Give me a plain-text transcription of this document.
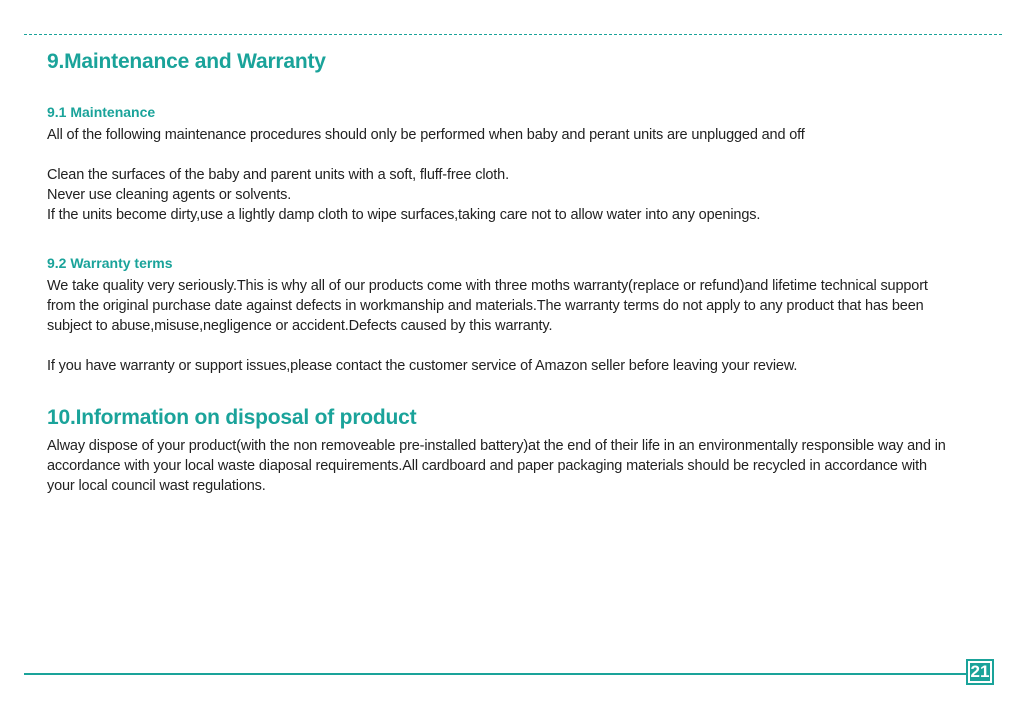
9.Maintenance and Warranty
9.1 Maintenance

All of the following maintenance procedures should only be performed when baby and perant units are unplugged and off

Clean the surfaces of the baby and parent units with a soft, fluff-free cloth.

Never use cleaning agents or solvents.

If the units become dirty,use a lightly damp cloth to wipe surfaces,taking care not to allow water into any openings.

9.2 Warranty terms

We take quality very seriously.This is why all of our products come with three moths warranty(replace or refund)and lifetime technical support from the original purchase date against defects in workmanship and materials.The warranty terms do not apply to any product that has been subject to abuse,misuse,negligence or accident.Defects caused by this warranty.

If you have warranty or support issues,please contact the customer service of Amazon seller before leaving your review.

10.Information on disposal of product

Alway dispose of your product(with the non removeable pre-installed battery)at the end of their life in an environmentally responsible way and in accordance with your local waste diaposal requirements.All cardboard and paper packaging materials should be recycled in accordance with your local council wast regulations.

21
